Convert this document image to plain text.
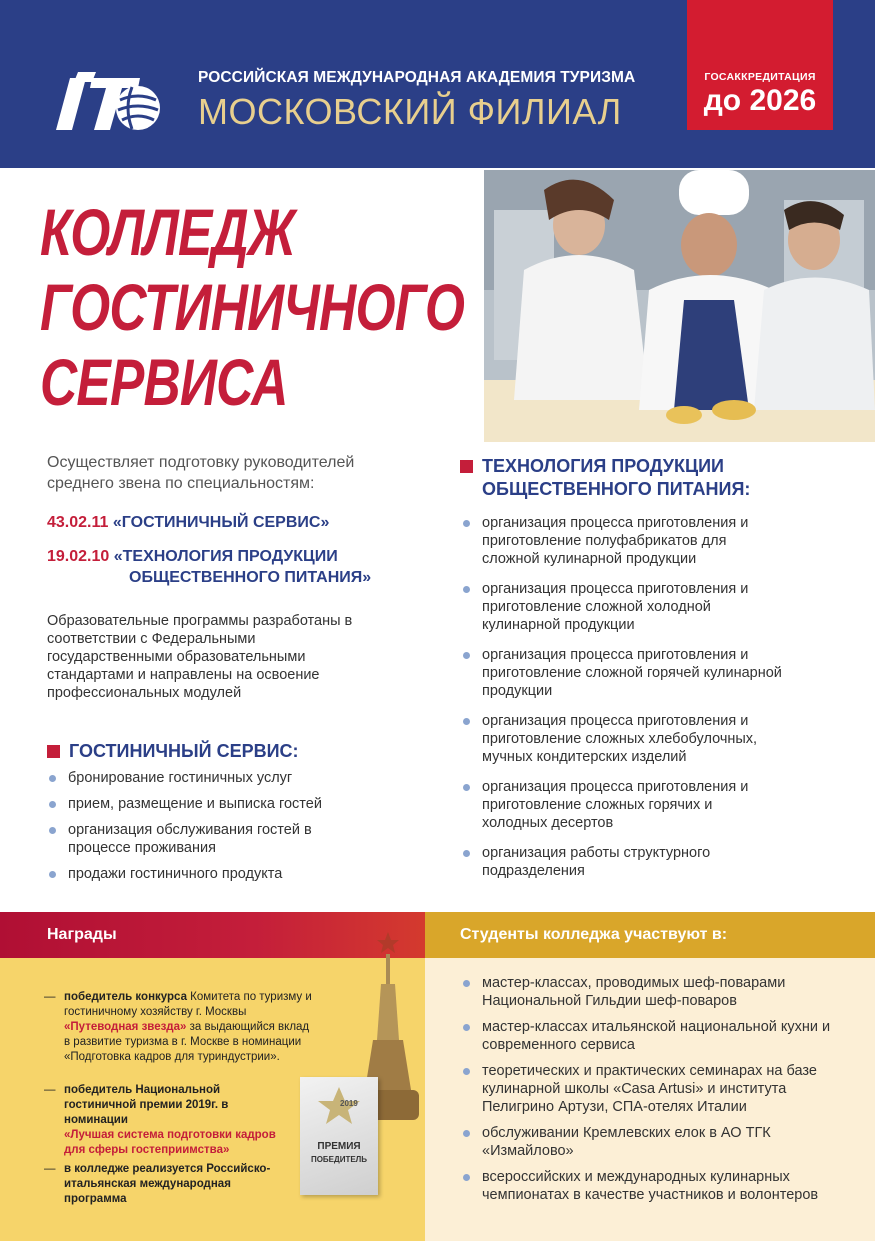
РОССИЙСКАЯ МЕЖДУНАРОДНАЯ АКАДЕМИЯ ТУРИЗМА
МОСКОВСКИЙ ФИЛИАЛ
ГОСАККРЕДИТАЦИЯ
до 2026
КОЛЛЕДЖ
ГОСТИНИЧНОГО
СЕРВИСА
Осуществляет подготовку руководителей
среднего звена по специальностям:
43.02.11 «ГОСТИНИЧНЫЙ СЕРВИС»
19.02.10 «ТЕХНОЛОГИЯ ПРОДУКЦИИ
ОБЩЕСТВЕННОГО ПИТАНИЯ»
Образовательные программы разработаны в соответствии с Федеральными государственными образовательными стандартами и направлены на освоение профессиональных модулей
ГОСТИНИЧНЫЙ СЕРВИС:
бронирование гостиничных услуг
прием, размещение и выписка гостей
организация обслуживания гостей в процессе проживания
продажи гостиничного продукта
ТЕХНОЛОГИЯ ПРОДУКЦИИ
ОБЩЕСТВЕННОГО ПИТАНИЯ:
организация процесса приготовления и приготовление полуфабрикатов для сложной кулинарной продукции
организация процесса приготовления и приготовление сложной холодной кулинарной продукции
организация процесса приготовления и приготовление сложной горячей кулинарной продукции
организация процесса приготовления и приготовление сложных хлебобулочных, мучных кондитерских изделий
организация процесса приготовления и приготовление сложных горячих и холодных десертов
организация работы структурного подразделения
Награды
— победитель конкурса Комитета по туризму и гостиничному хозяйству г. Москвы «Путеводная звезда» за выдающийся вклад в развитие туризма в г. Москве в номинации «Подготовка кадров для туриндустрии».
— победитель Национальной гостиничной премии 2019г. в номинации
«Лучшая система подготовки кадров для сферы гостеприимства»
— в колледже реализуется Российско-итальянская международная программа
2019
ПРЕМИЯ
ПОБЕДИТЕЛЬ
Студенты колледжа участвуют в:
мастер-классах, проводимых шеф-поварами Национальной Гильдии шеф-поваров
мастер-классах итальянской национальной кухни и современного сервиса
теоретических и практических семинарах на базе кулинарной школы «Casa Artusi» и института Пелигрино Артузи, СПА-отелях Италии
обслуживании Кремлевских елок в АО ТГК «Измайлово»
всероссийских и международных кулинарных чемпионатах в качестве участников и волонтеров
